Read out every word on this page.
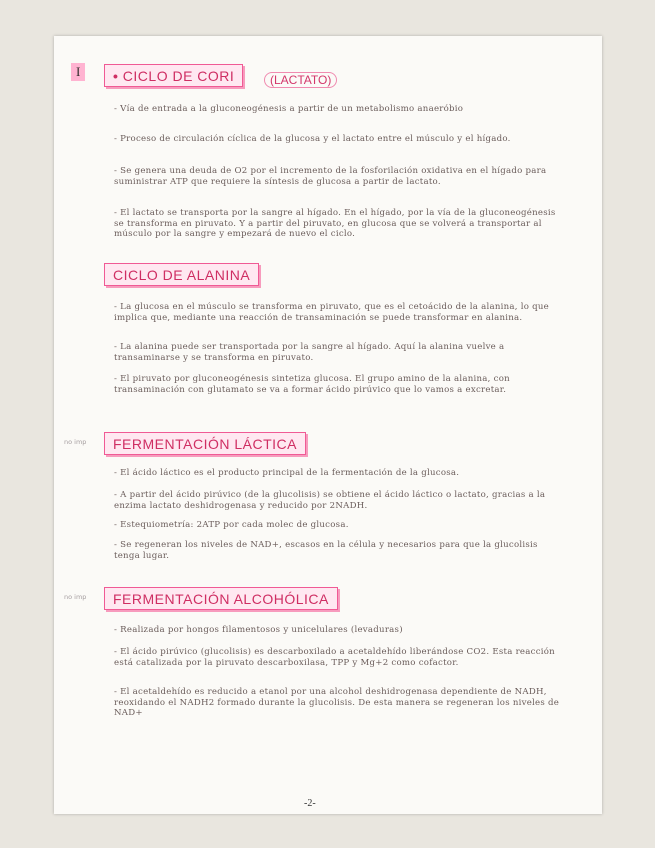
I	• CICLO DE CORI	(LACTATO)
- Vía de entrada a la gluconeogénesis a partir de un metabolismo anaeróbio
- Proceso de circulación cíclica de la glucosa y el lactato entre el músculo y el hígado.
- Se genera una deuda de O2 por el incremento de la fosforilación oxidativa en el hígado para suministrar ATP que requiere la síntesis de glucosa a partir de lactato.
- El lactato se transporta por la sangre al hígado. En el hígado, por la vía de la gluconeogénesis se transforma en piruvato. Y a partir del piruvato, en glucosa que se volverá a transportar al músculo por la sangre y empezará de nuevo el ciclo.
CICLO DE ALANINA
- La glucosa en el músculo se transforma en piruvato, que es el cetoácido de la alanina, lo que implica que, mediante una reacción de transaminación se puede transformar en alanina.
- La alanina puede ser transportada por la sangre al hígado. Aquí la alanina vuelve a transaminarse y se transforma en piruvato.
- El piruvato por gluconeogénesis sintetiza glucosa. El grupo amino de la alanina, con transaminación con glutamato se va a formar ácido pirúvico que lo vamos a excretar.
no imp	FERMENTACIÓN LÁCTICA
- El ácido láctico es el producto principal de la fermentación de la glucosa.
- A partir del ácido pirúvico (de la glucolisis) se obtiene el ácido láctico o lactato, gracias a la enzima lactato deshidrogenasa y reducido por 2NADH.
- Estequiometría: 2ATP por cada molec de glucosa.
- Se regeneran los niveles de NAD+, escasos en la célula y necesarios para que la glucolisis tenga lugar.
no imp	FERMENTACIÓN ALCOHÓLICA
- Realizada por hongos filamentosos y unicelulares (levaduras)
- El ácido pirúvico (glucolisis) es descarboxilado a acetaldehído liberándose CO2. Esta reacción está catalizada por la piruvato descarboxilasa, TPP y Mg+2 como cofactor.
- El acetaldehído es reducido a etanol por una alcohol deshidrogenasa dependiente de NADH, reoxidando el NADH2 formado durante la glucolisis. De esta manera se regeneran los niveles de NAD+
-2-
